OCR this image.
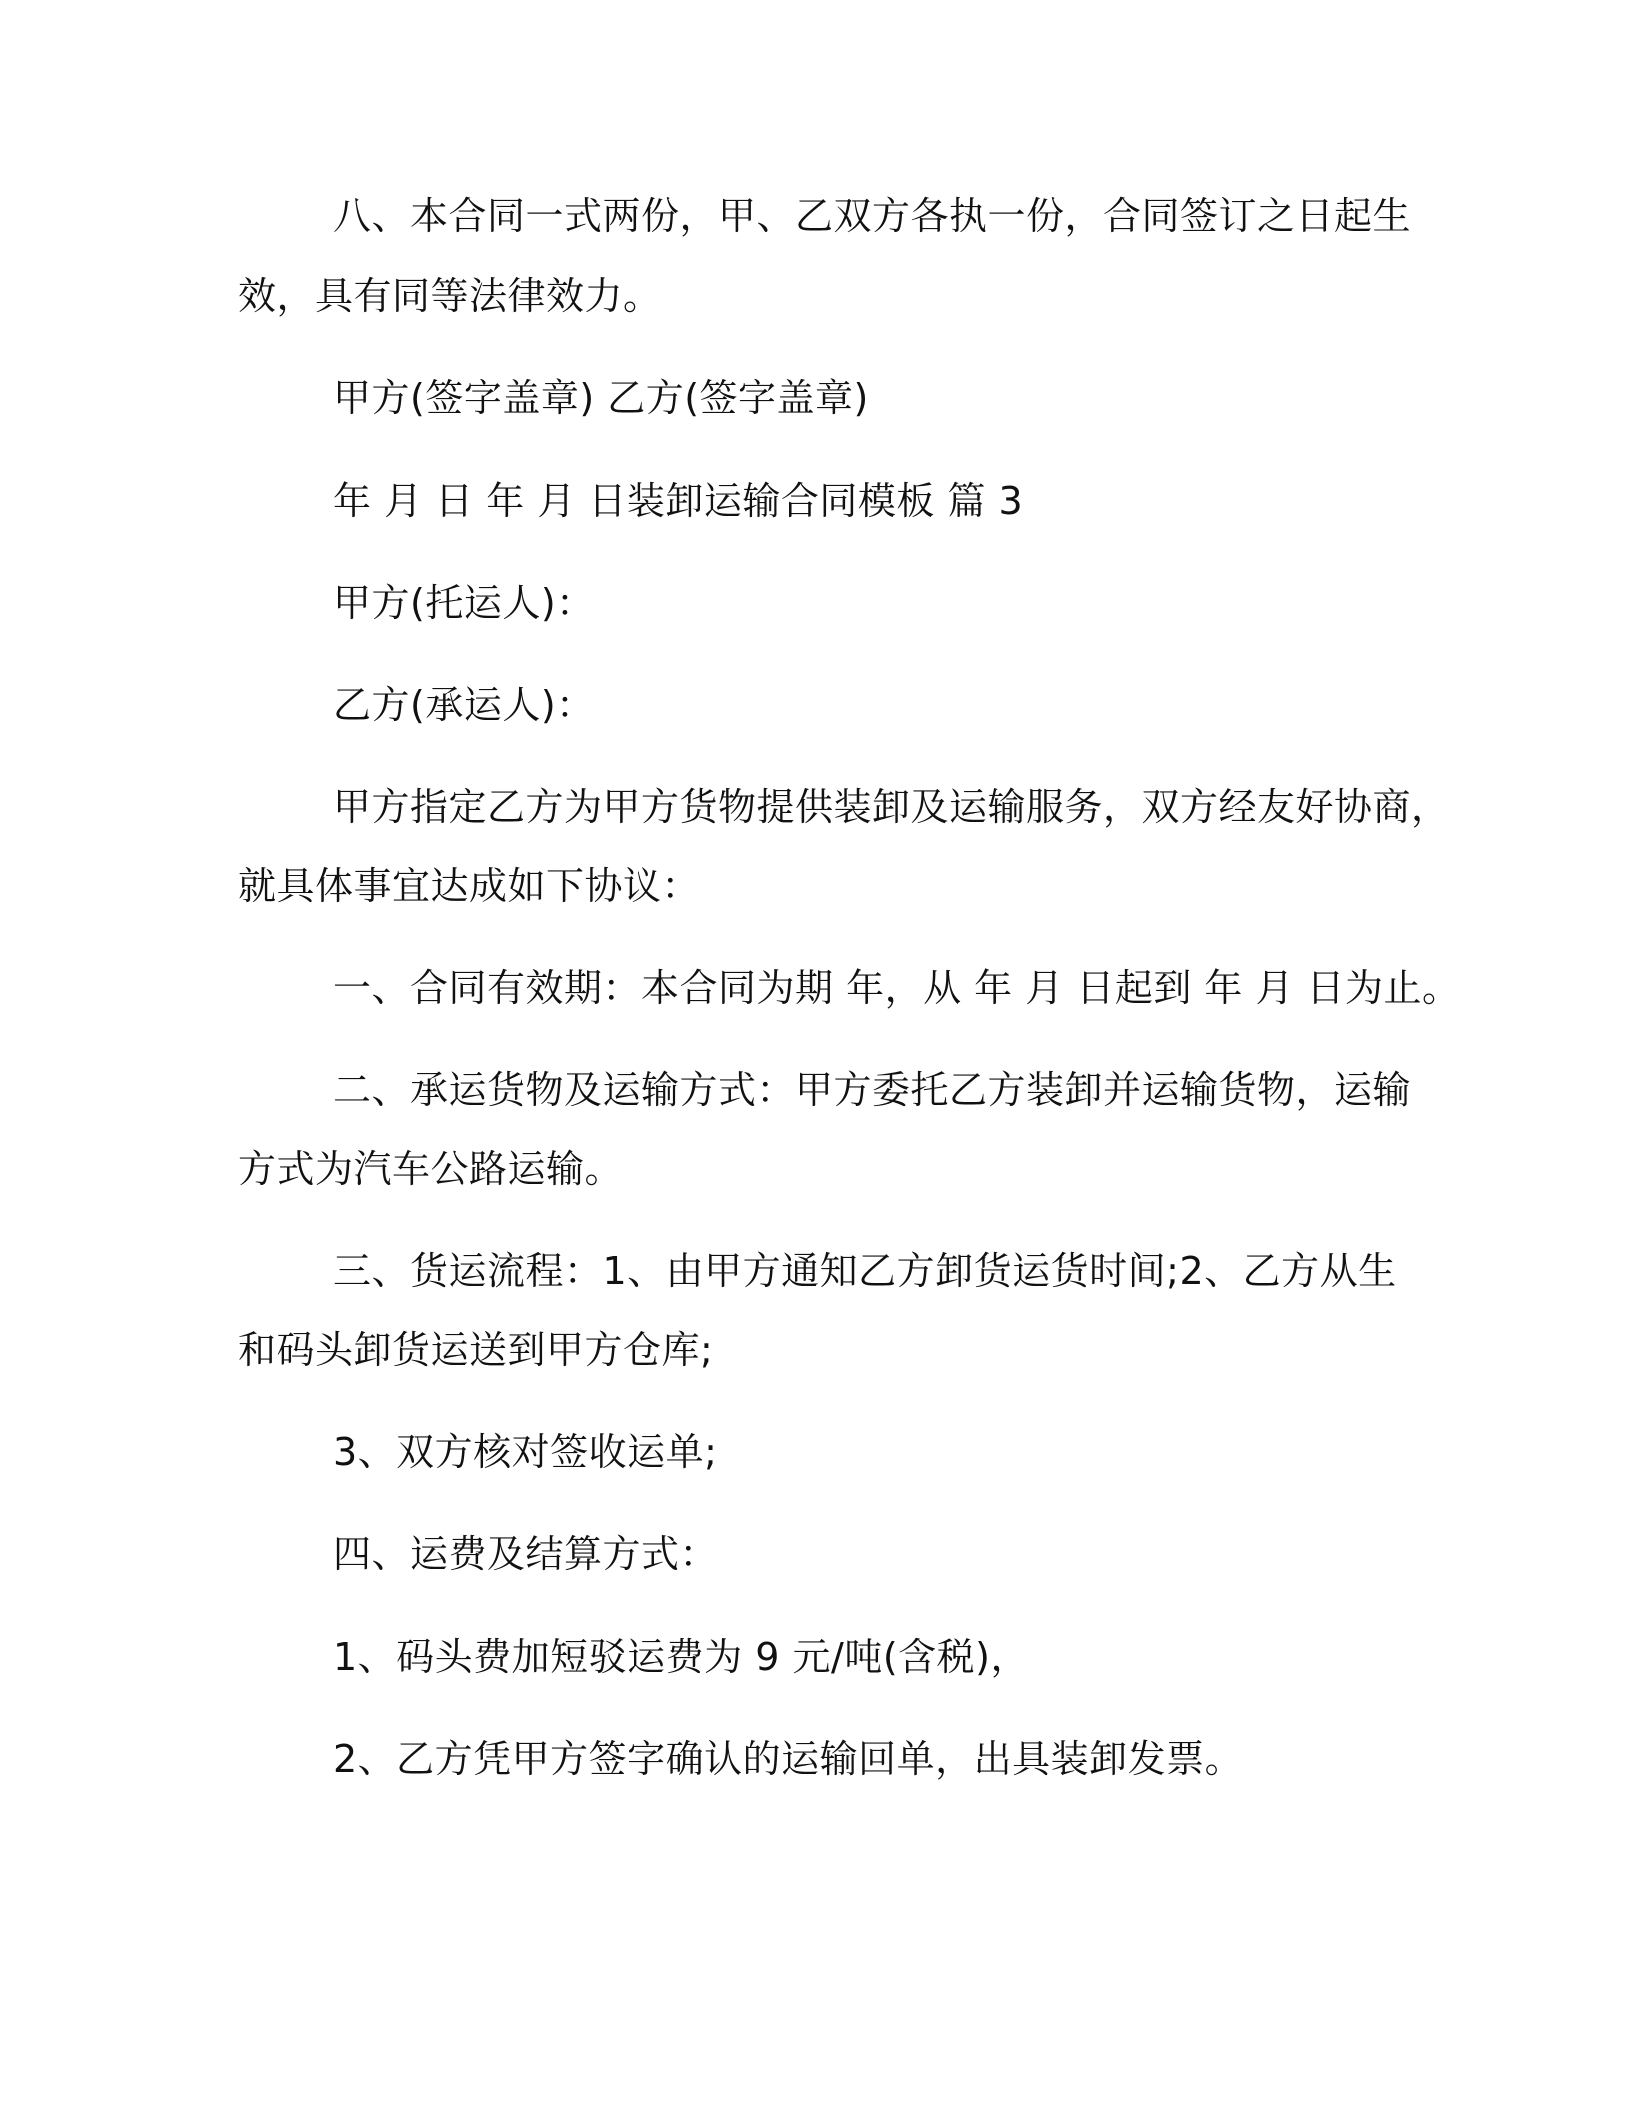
八、本合同一式两份，甲、乙双方各执一份，合同签订之日起生

效，具有同等法律效力。

甲方(签字盖章) 乙方(签字盖章)

年 月 日 年 月 日装卸运输合同模板 篇 3

甲方(托运人)：

乙方(承运人)：

甲方指定乙方为甲方货物提供装卸及运输服务，双方经友好协商，

就具体事宜达成如下协议：

一、合同有效期：本合同为期 年，从 年 月 日起到 年 月 日为止。

二、承运货物及运输方式：甲方委托乙方装卸并运输货物，运输

方式为汽车公路运输。

三、货运流程：1、由甲方通知乙方卸货运货时间;2、乙方从生

和码头卸货运送到甲方仓库;

3、双方核对签收运单;

四、运费及结算方式：

1、码头费加短驳运费为 9 元/吨(含税)，

2、乙方凭甲方签字确认的运输回单，出具装卸发票。
